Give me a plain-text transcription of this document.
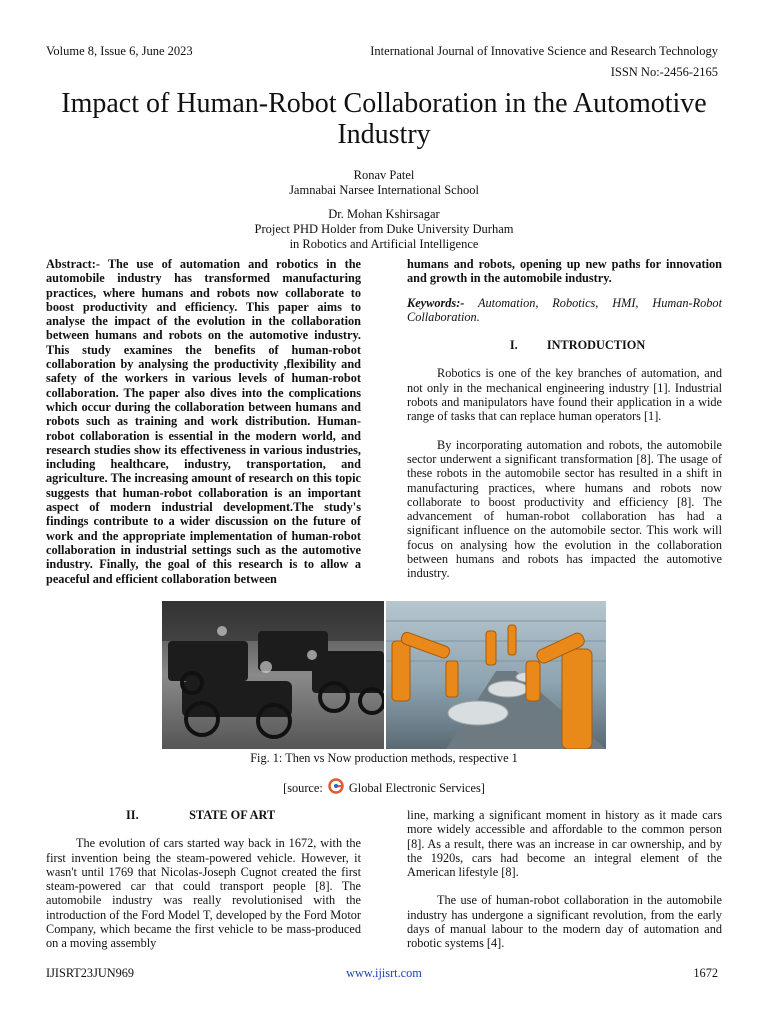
Volume 8, Issue 6, June 2023	International Journal of Innovative Science and Research Technology
ISSN No:-2456-2165
Impact of Human-Robot Collaboration in the Automotive Industry
Ronav Patel
Jamnabai Narsee International School
Dr. Mohan Kshirsagar
Project PHD Holder from Duke University Durham
in Robotics and Artificial Intelligence

Abstract:- The use of automation and robotics in the automobile industry has transformed manufacturing practices, where humans and robots now collaborate to boost productivity and efficiency. This paper aims to analyse the impact of the evolution in the collaboration between humans and robots on the automotive industry. This study examines the benefits of human-robot collaboration by analysing the productivity ,flexibility and safety of the workers in various levels of human-robot collaboration. The paper also dives into the complications which occur during the collaboration between humans and robots such as training and work distribution. Human-robot collaboration is essential in the modern world, and research studies show its effectiveness in various industries, including healthcare, industry, transportation, and agriculture. The increasing amount of research on this topic suggests that human-robot collaboration is an important aspect of modern industrial development.The study's findings contribute to a wider discussion on the future of work and the appropriate implementation of human-robot collaboration in industrial settings such as the automotive industry. Finally, the goal of this research is to allow a peaceful and efficient collaboration between

humans and robots, opening up new paths for innovation and growth in the automobile industry.

Keywords:- Automation, Robotics, HMI, Human-Robot Collaboration.

I. INTRODUCTION

Robotics is one of the key branches of automation, and not only in the mechanical engineering industry [1]. Industrial robots and manipulators have found their application in a wide range of tasks that can replace human operators [1].

By incorporating automation and robots, the automobile sector underwent a significant transformation [8]. The usage of these robots in the automobile sector has resulted in a shift in manufacturing practices, where humans and robots now collaborate to boost productivity and efficiency [8]. The advancement of human-robot collaboration has had a significant influence on the automobile sector. This work will focus on analysing how the evolution in the collaboration between humans and robots has impacted the automotive industry.

Fig. 1: Then vs Now production methods, respective 1
[source: Global Electronic Services]
II.	STATE OF ART

The evolution of cars started way back in 1672, with the first invention being the steam-powered vehicle. However, it wasn't until 1769 that Nicolas-Joseph Cugnot created the first steam-powered car that could transport people [8]. The automobile industry was really revolutionised with the introduction of the Ford Model T, developed by the Ford Motor Company, which became the first vehicle to be mass-produced on a moving assembly

line, marking a significant moment in history as it made cars more widely accessible and affordable to the common person [8]. As a result, there was an increase in car ownership, and by the 1920s, cars had become an integral element of the American lifestyle [8].

The use of human-robot collaboration in the automobile industry has undergone a significant revolution, from the early days of manual labour to the modern day of automation and robotic systems [4].

IJISRT23JUN969	www.ijisrt.com	1672
